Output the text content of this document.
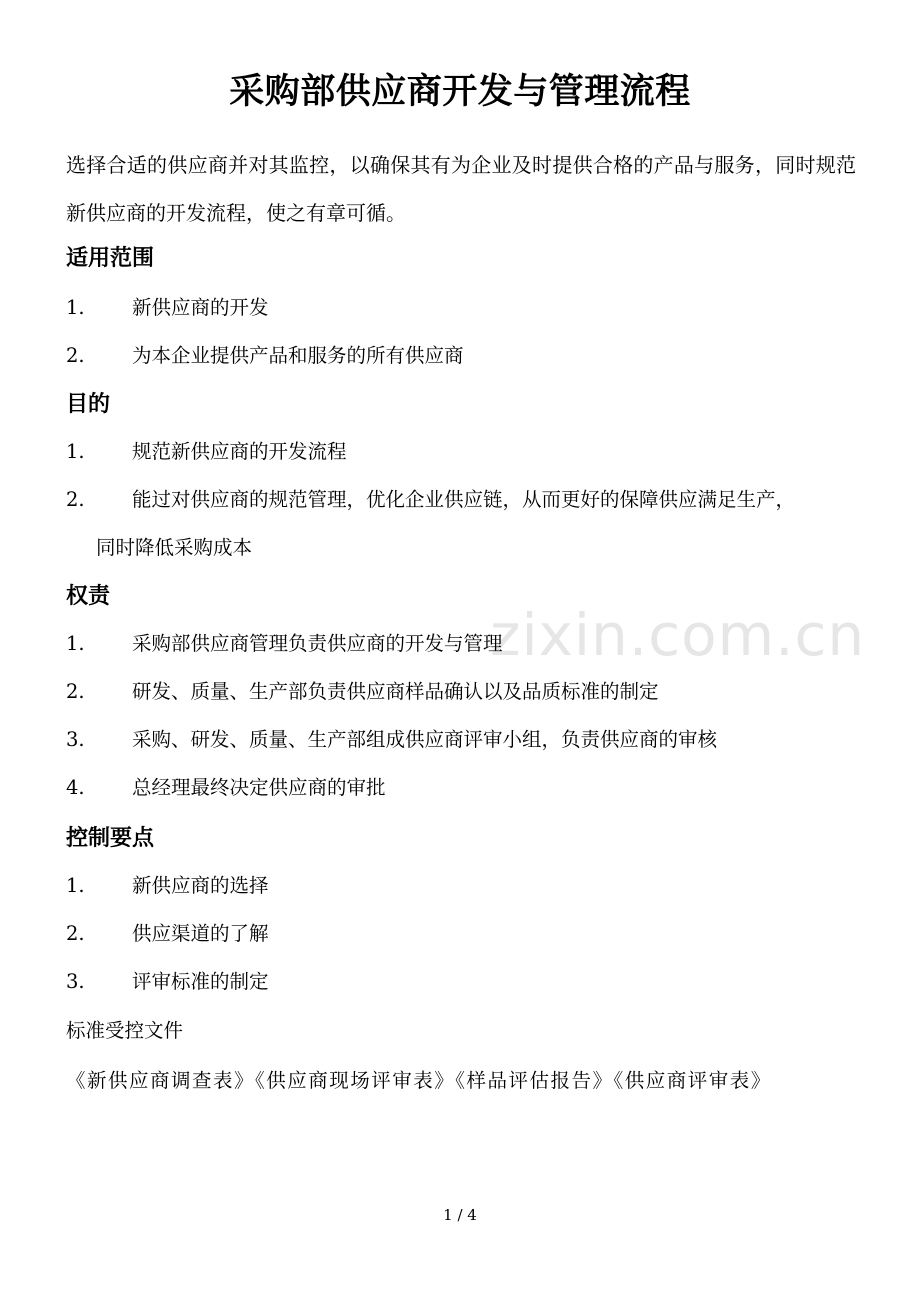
zixin.com.cn
采购部供应商开发与管理流程

选择合适的供应商并对其监控，以确保其有为企业及时提供合格的产品与服务，同时规范新供应商的开发流程，使之有章可循。

适用范围
1. 新供应商的开发
2. 为本企业提供产品和服务的所有供应商
目的
1. 规范新供应商的开发流程
2. 能过对供应商的规范管理，优化企业供应链，从而更好的保障供应满足生产，
同时降低采购成本
权责
1. 采购部供应商管理负责供应商的开发与管理
2. 研发、质量、生产部负责供应商样品确认以及品质标准的制定
3. 采购、研发、质量、生产部组成供应商评审小组，负责供应商的审核
4. 总经理最终决定供应商的审批
控制要点
1. 新供应商的选择
2. 供应渠道的了解
3. 评审标准的制定

标准受控文件

《新供应商调查表》《供应商现场评审表》《样品评估报告》《供应商评审表》

1 / 4
